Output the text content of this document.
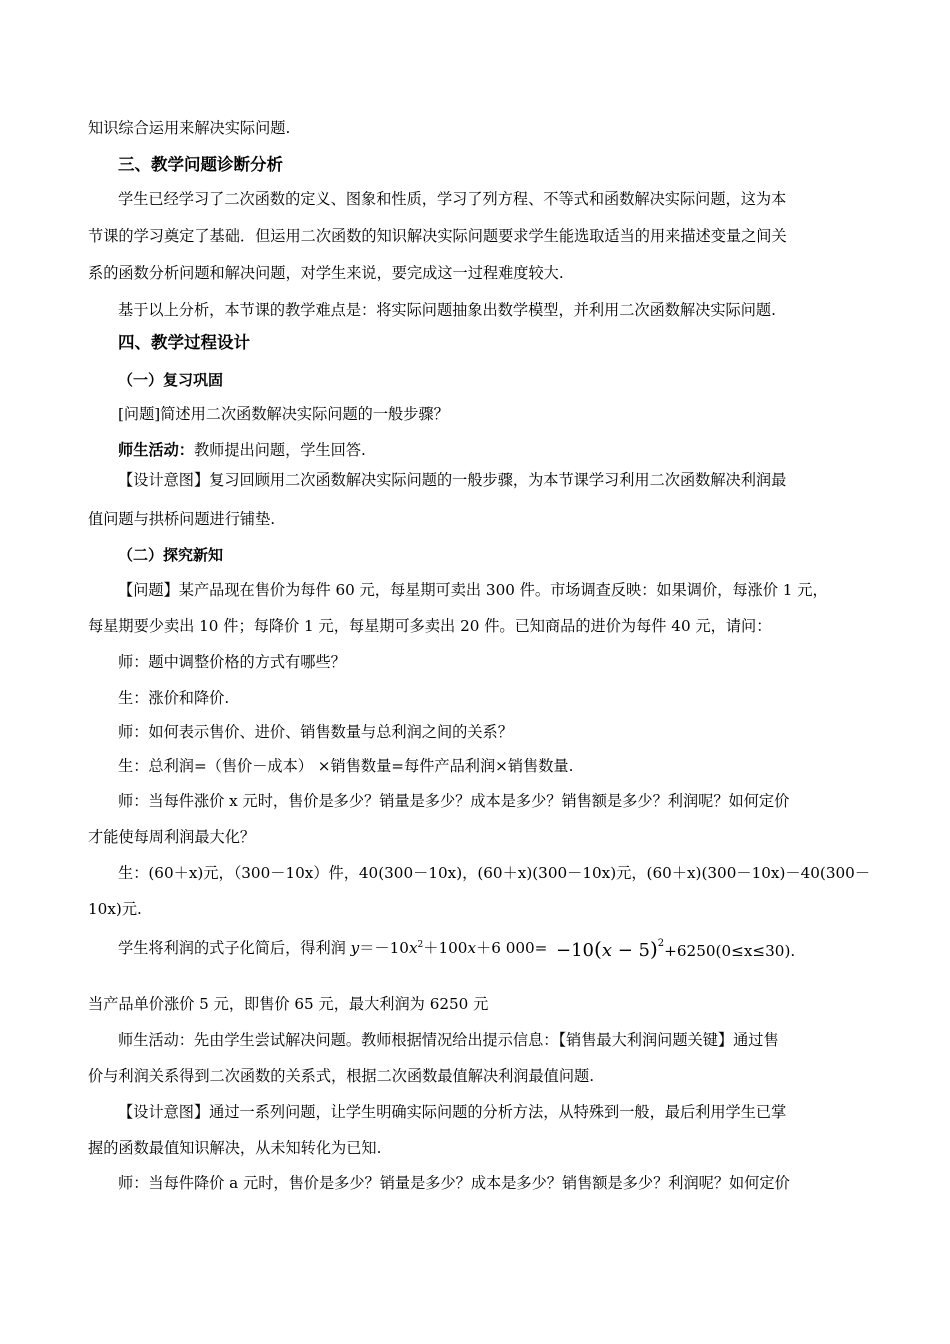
知识综合运用来解决实际问题.
三、教学问题诊断分析
学生已经学习了二次函数的定义、图象和性质，学习了列方程、不等式和函数解决实际问题，这为本
节课的学习奠定了基础．但运用二次函数的知识解决实际问题要求学生能选取适当的用来描述变量之间关
系的函数分析问题和解决问题，对学生来说，要完成这一过程难度较大.
基于以上分析，本节课的教学难点是：将实际问题抽象出数学模型，并利用二次函数解决实际问题.
四、教学过程设计
（一）复习巩固
[问题]简述用二次函数解决实际问题的一般步骤？
师生活动：教师提出问题，学生回答.
【设计意图】复习回顾用二次函数解决实际问题的一般步骤，为本节课学习利用二次函数解决利润最
值问题与拱桥问题进行铺垫.
（二）探究新知
【问题】某产品现在售价为每件 60 元，每星期可卖出 300 件。市场调查反映：如果调价，每涨价 1 元，
每星期要少卖出 10 件；每降价 1 元，每星期可多卖出 20 件。已知商品的进价为每件 40 元，请问：
师：题中调整价格的方式有哪些？
生：涨价和降价.
师：如何表示售价、进价、销售数量与总利润之间的关系？
生：总利润=（售价－成本） ×销售数量=每件产品利润×销售数量.
师：当每件涨价 x 元时，售价是多少？销量是多少？成本是多少？销售额是多少？利润呢？如何定价
才能使每周利润最大化？
生：(60＋x)元，（300－10x）件，40(300－10x)，(60＋x)(300－10x)元，(60＋x)(300－10x)－40(300－
10x)元.
学生将利润的式子化简后，得利润 $y=-10x^2+100x+6$ $000= -10(x - 5)^2+6250(0\le x\le 30)$.
当产品单价涨价 5 元，即售价 65 元，最大利润为 6250 元
师生活动：先由学生尝试解决问题。教师根据情况给出提示信息：【销售最大利润问题关键】通过售
价与利润关系得到二次函数的关系式，根据二次函数最值解决利润最值问题.
【设计意图】通过一系列问题，让学生明确实际问题的分析方法，从特殊到一般，最后利用学生已掌
握的函数最值知识解决，从未知转化为已知.
师：当每件降价 a 元时，售价是多少？销量是多少？成本是多少？销售额是多少？利润呢？如何定价
